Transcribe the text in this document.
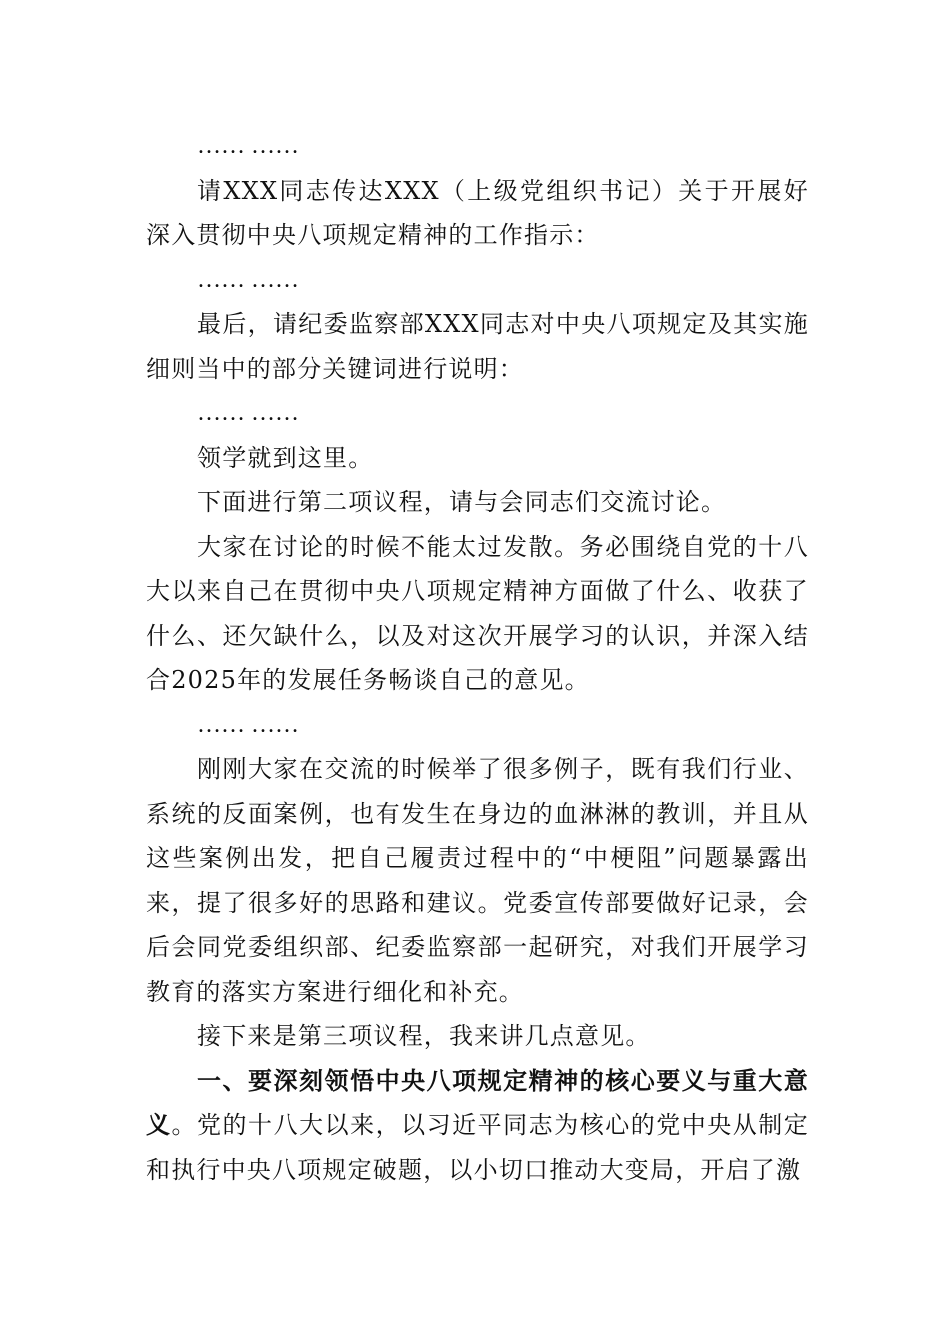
…… ……

请XXX同志传达XXX（上级党组织书记）关于开展好深入贯彻中央八项规定精神的工作指示：

…… ……

最后，请纪委监察部XXX同志对中央八项规定及其实施细则当中的部分关键词进行说明：

…… ……

领学就到这里。

下面进行第二项议程，请与会同志们交流讨论。

大家在讨论的时候不能太过发散。务必围绕自党的十八大以来自己在贯彻中央八项规定精神方面做了什么、收获了什么、还欠缺什么，以及对这次开展学习的认识，并深入结合2025年的发展任务畅谈自己的意见。

…… ……

刚刚大家在交流的时候举了很多例子，既有我们行业、系统的反面案例，也有发生在身边的血淋淋的教训，并且从这些案例出发，把自己履责过程中的“中梗阻”问题暴露出来，提了很多好的思路和建议。党委宣传部要做好记录，会后会同党委组织部、纪委监察部一起研究，对我们开展学习教育的落实方案进行细化和补充。

接下来是第三项议程，我来讲几点意见。

一、要深刻领悟中央八项规定精神的核心要义与重大意义。党的十八大以来，以习近平同志为核心的党中央从制定和执行中央八项规定破题，以小切口推动大变局，开启了激
